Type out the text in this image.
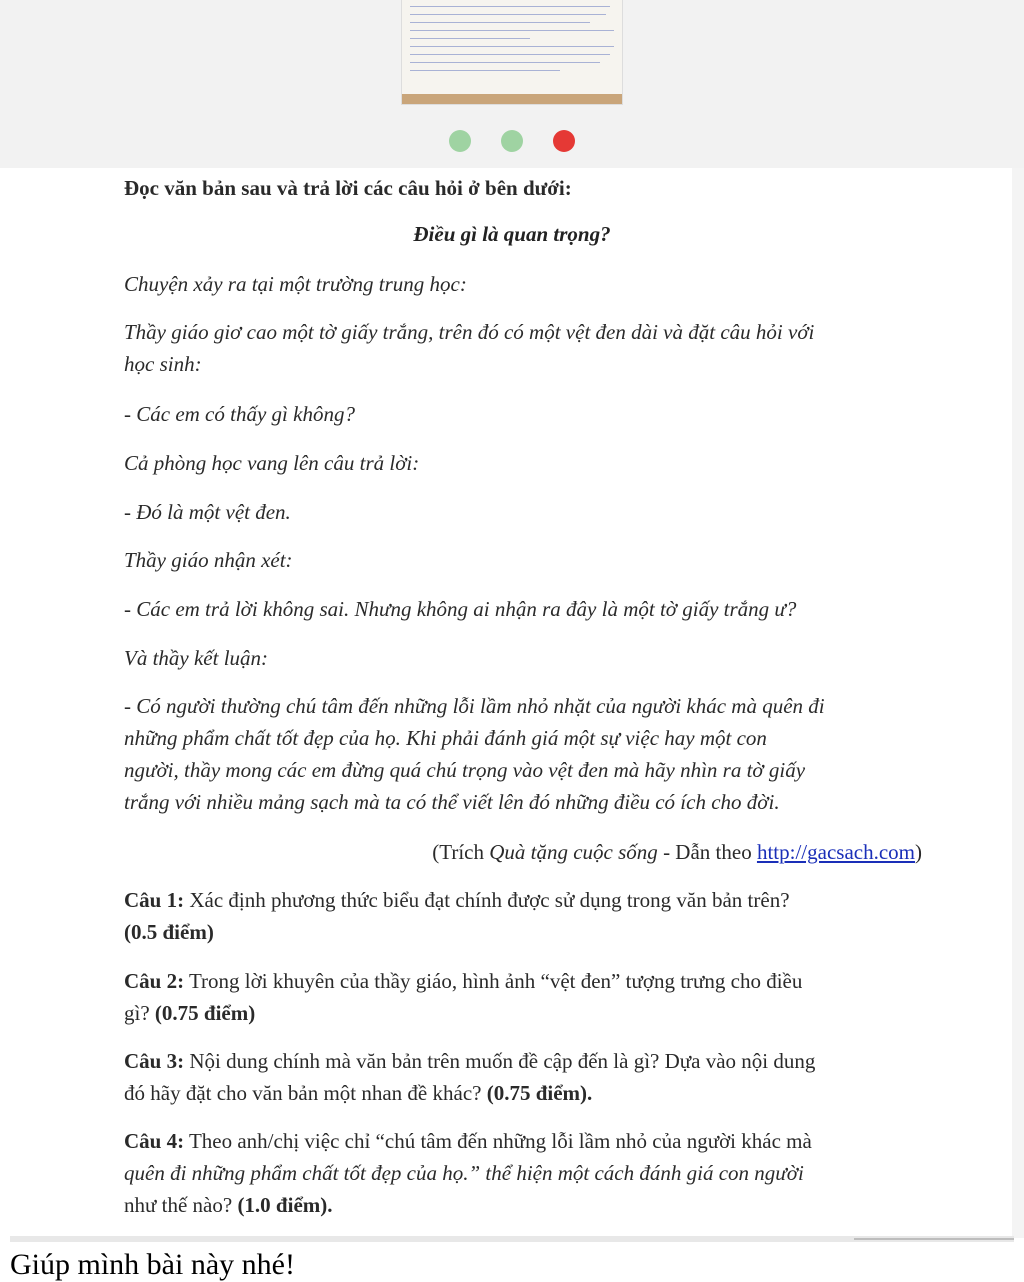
Đọc văn bản sau và trả lời các câu hỏi ở bên dưới:

Điều gì là quan trọng?

Chuyện xảy ra tại một trường trung học:

Thầy giáo giơ cao một tờ giấy trắng, trên đó có một vệt đen dài và đặt câu hỏi với

học sinh:

- Các em có thấy gì không?

Cả phòng học vang lên câu trả lời:

- Đó là một vệt đen.

Thầy giáo nhận xét:

- Các em trả lời không sai. Nhưng không ai nhận ra đây là một tờ giấy trắng ư?

Và thầy kết luận:

- Có người thường chú tâm đến những lỗi lầm nhỏ nhặt của người khác mà quên đi

những phẩm chất tốt đẹp của họ. Khi phải đánh giá một sự việc hay một con

người, thầy mong các em đừng quá chú trọng vào vệt đen mà hãy nhìn ra tờ giấy

trắng với nhiều mảng sạch mà ta có thể viết lên đó những điều có ích cho đời.

(Trích Quà tặng cuộc sống - Dẫn theo http://gacsach.com)

Câu 1: Xác định phương thức biểu đạt chính được sử dụng trong văn bản trên?

(0.5 điểm)

Câu 2: Trong lời khuyên của thầy giáo, hình ảnh “vệt đen” tượng trưng cho điều

gì? (0.75 điểm)

Câu 3: Nội dung chính mà văn bản trên muốn đề cập đến là gì? Dựa vào nội dung

đó hãy đặt cho văn bản một nhan đề khác? (0.75 điểm).

Câu 4: Theo anh/chị việc chỉ “chú tâm đến những lỗi lầm nhỏ của người khác mà

quên đi những phẩm chất tốt đẹp của họ.” thể hiện một cách đánh giá con người

như thế nào? (1.0 điểm).

Giúp mình bài này nhé!
